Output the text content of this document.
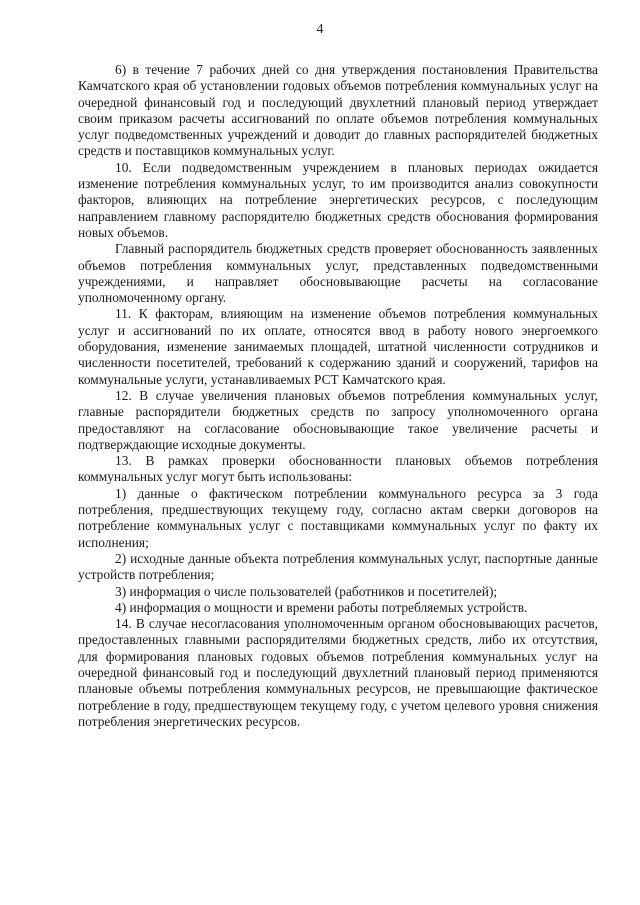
4

6) в течение 7 рабочих дней со дня утверждения постановления Правительства Камчатского края об установлении годовых объемов потребления коммунальных услуг на очередной финансовый год и последующий двухлетний плановый период утверждает своим приказом расчеты ассигнований по оплате объемов потребления коммунальных услуг подведомственных учреждений и доводит до главных распорядителей бюджетных средств и поставщиков коммунальных услуг.

10. Если подведомственным учреждением в плановых периодах ожидается изменение потребления коммунальных услуг, то им производится анализ совокупности факторов, влияющих на потребление энергетических ресурсов, с последующим направлением главному распорядителю бюджетных средств обоснования формирования новых объемов.

Главный распорядитель бюджетных средств проверяет обоснованность заявленных объемов потребления коммунальных услуг, представленных подведомственными учреждениями, и направляет обосновывающие расчеты на согласование уполномоченному органу.

11. К факторам, влияющим на изменение объемов потребления коммунальных услуг и ассигнований по их оплате, относятся ввод в работу нового энергоемкого оборудования, изменение занимаемых площадей, штатной численности сотрудников и численности посетителей, требований к содержанию зданий и сооружений, тарифов на коммунальные услуги, устанавливаемых РСТ Камчатского края.

12. В случае увеличения плановых объемов потребления коммунальных услуг, главные распорядители бюджетных средств по запросу уполномоченного органа предоставляют на согласование обосновывающие такое увеличение расчеты и подтверждающие исходные документы.

13. В рамках проверки обоснованности плановых объемов потребления коммунальных услуг могут быть использованы:

1) данные о фактическом потреблении коммунального ресурса за 3 года потребления, предшествующих текущему году, согласно актам сверки договоров на потребление коммунальных услуг с поставщиками коммунальных услуг по факту их исполнения;

2) исходные данные объекта потребления коммунальных услуг, паспортные данные устройств потребления;

3) информация о числе пользователей (работников и посетителей);

4) информация о мощности и времени работы потребляемых устройств.

14. В случае несогласования уполномоченным органом обосновывающих расчетов, предоставленных главными распорядителями бюджетных средств, либо их отсутствия, для формирования плановых годовых объемов потребления коммунальных услуг на очередной финансовый год и последующий двухлетний плановый период применяются плановые объемы потребления коммунальных ресурсов, не превышающие фактическое потребление в году, предшествующем текущему году, с учетом целевого уровня снижения потребления энергетических ресурсов.
